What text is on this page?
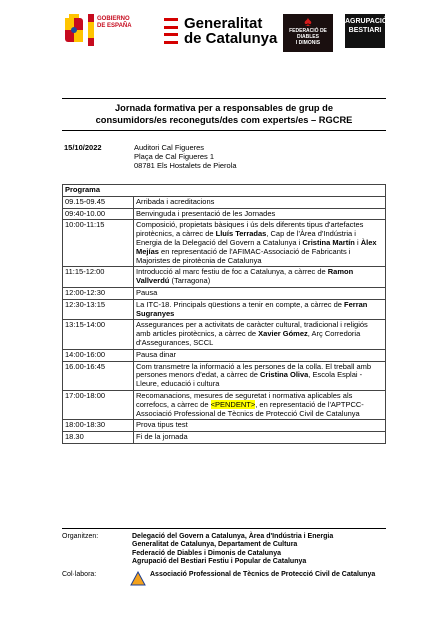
GOBIERNO
DE ESPAÑA	Generalitat
de Catalunya
♠
FEDERACIÓ DE
DIABLES
I DIMONIS
AGRUPACIÓ
BESTIARI
Jornada formativa per a responsables de grup de
consumidors/es reconeguts/des com experts/es – RGCRE
15/10/2022	Auditori Cal Figueres
Plaça de Cal Figueres 1
08781 Els Hostalets de Pierola
Programa	
09.15-09.45	Arribada i acreditacions
09:40-10.00	Benvinguda i presentació de les Jornades
10:00-11:15	Composició, propietats bàsiques i ús dels diferents tipus d'artefactes pirotècnics, a càrrec de Lluís Terradas, Cap de l'Àrea d'Indústria i Energia de la Delegació del Govern a Catalunya i Cristina Martín i Àlex Mejías en representació de l'AFIMAC-Associació de Fabricants i Majoristes de pirotècnia de Catalunya
11:15-12:00	Introducció al marc festiu de foc a Catalunya, a càrrec de Ramon Vallverdú (Tarragona)
12:00-12:30	Pausa
12:30-13:15	La ITC-18. Principals qüestions a tenir en compte, a càrrec de Ferran Sugranyes
13:15-14:00	Assegurances per a activitats de caràcter cultural, tradicional i religiós amb articles pirotècnics, a càrrec de Xavier Gómez, Arç Corredoria d'Assegurances, SCCL
14:00-16:00	Pausa dinar
16.00-16:45	Com transmetre la informació a les persones de la colla. El treball amb persones menors d'edat, a càrrec de Cristina Oliva, Escola Esplai - Lleure, educació i cultura
17:00-18:00	Recomanacions, mesures de seguretat i normativa aplicables als correfocs, a càrrec de <PENDENT>, en representació de l'APTPCC-Associació Professional de Tècnics de Protecció Civil de Catalunya
18:00-18:30	Prova tipus test
18.30	Fi de la jornada
Organitzen:	Delegació del Govern a Catalunya, Àrea d'Indústria i Energia
Generalitat de Catalunya, Departament de Cultura
Federació de Diables i Dimonis de Catalunya
Agrupació del Bestiari Festiu i Popular de Catalunya
Col·labora:	Associació Professional de Tècnics de Protecció Civil de Catalunya
